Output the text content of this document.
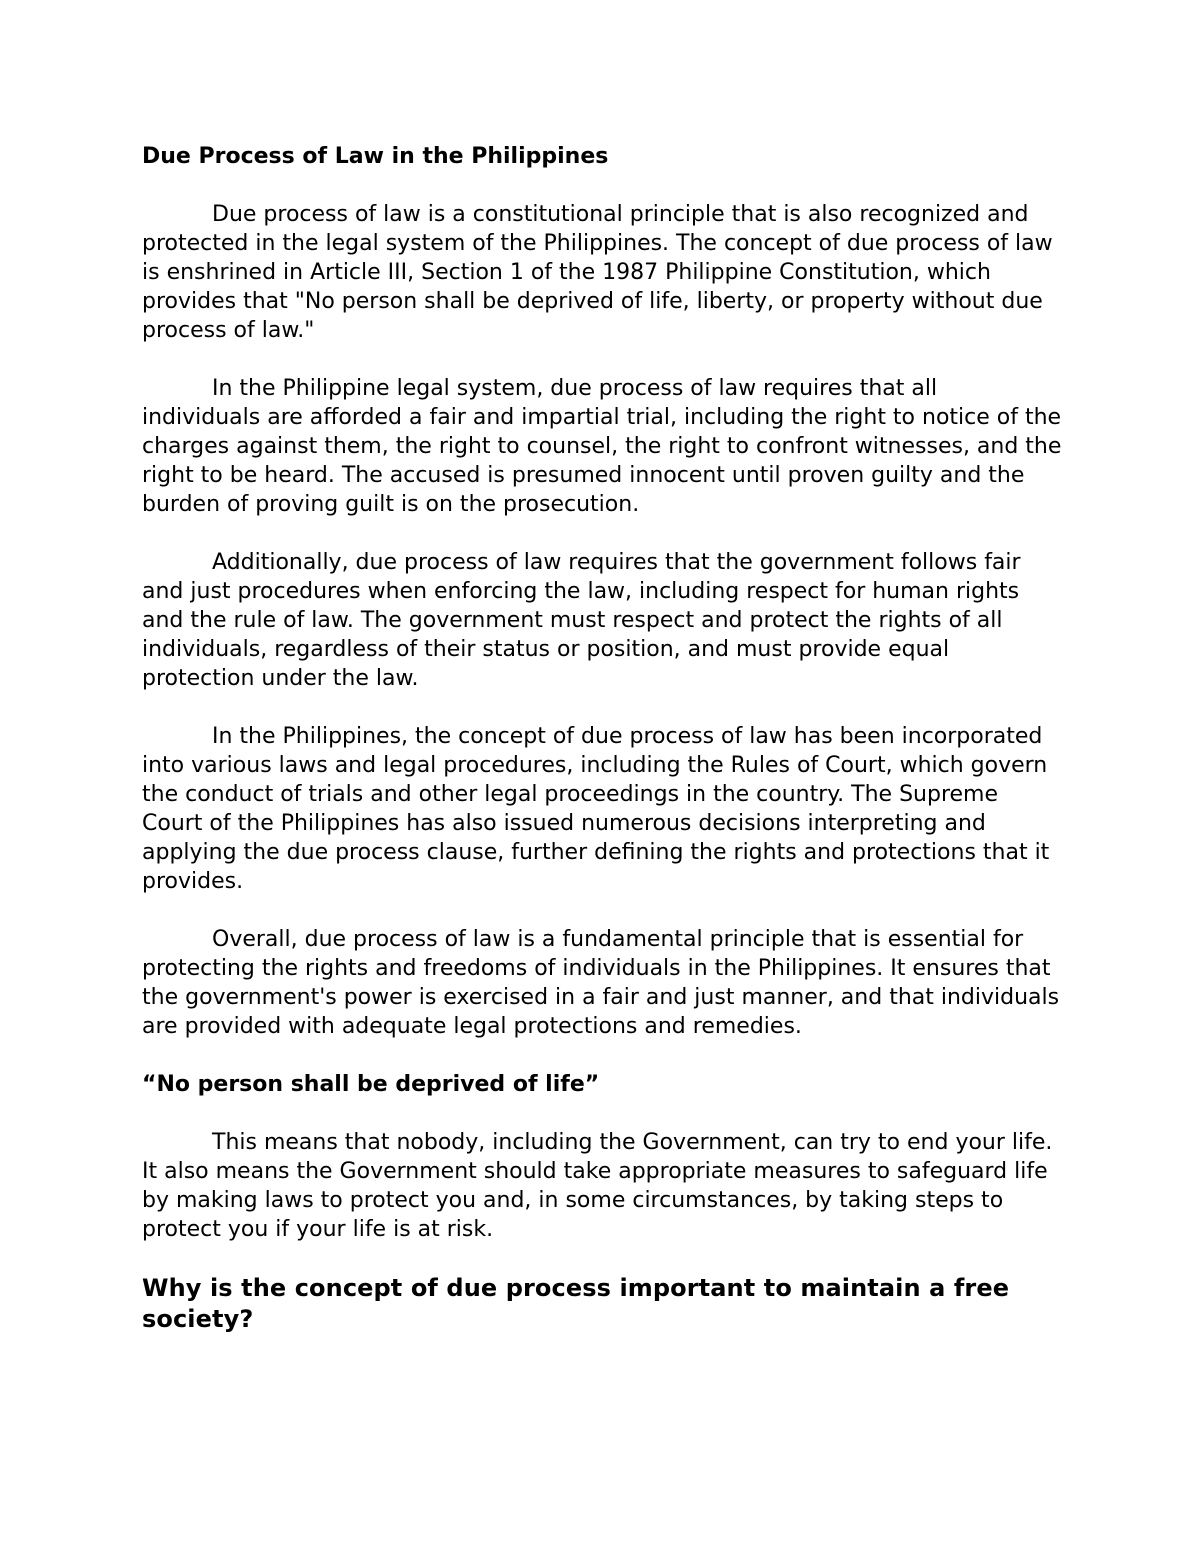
Due Process of Law in the Philippines

Due process of law is a constitutional principle that is also recognized and protected in the legal system of the Philippines. The concept of due process of law is enshrined in Article III, Section 1 of the 1987 Philippine Constitution, which provides that "No person shall be deprived of life, liberty, or property without due process of law."

In the Philippine legal system, due process of law requires that all individuals are afforded a fair and impartial trial, including the right to notice of the charges against them, the right to counsel, the right to confront witnesses, and the right to be heard. The accused is presumed innocent until proven guilty and the burden of proving guilt is on the prosecution.

Additionally, due process of law requires that the government follows fair and just procedures when enforcing the law, including respect for human rights and the rule of law. The government must respect and protect the rights of all individuals, regardless of their status or position, and must provide equal protection under the law.

In the Philippines, the concept of due process of law has been incorporated into various laws and legal procedures, including the Rules of Court, which govern the conduct of trials and other legal proceedings in the country. The Supreme Court of the Philippines has also issued numerous decisions interpreting and applying the due process clause, further defining the rights and protections that it provides.

Overall, due process of law is a fundamental principle that is essential for protecting the rights and freedoms of individuals in the Philippines. It ensures that the government's power is exercised in a fair and just manner, and that individuals are provided with adequate legal protections and remedies.

“No person shall be deprived of life”

This means that nobody, including the Government, can try to end your life. It also means the Government should take appropriate measures to safeguard life by making laws to protect you and, in some circumstances, by taking steps to protect you if your life is at risk.

Why is the concept of due process important to maintain a free society?
